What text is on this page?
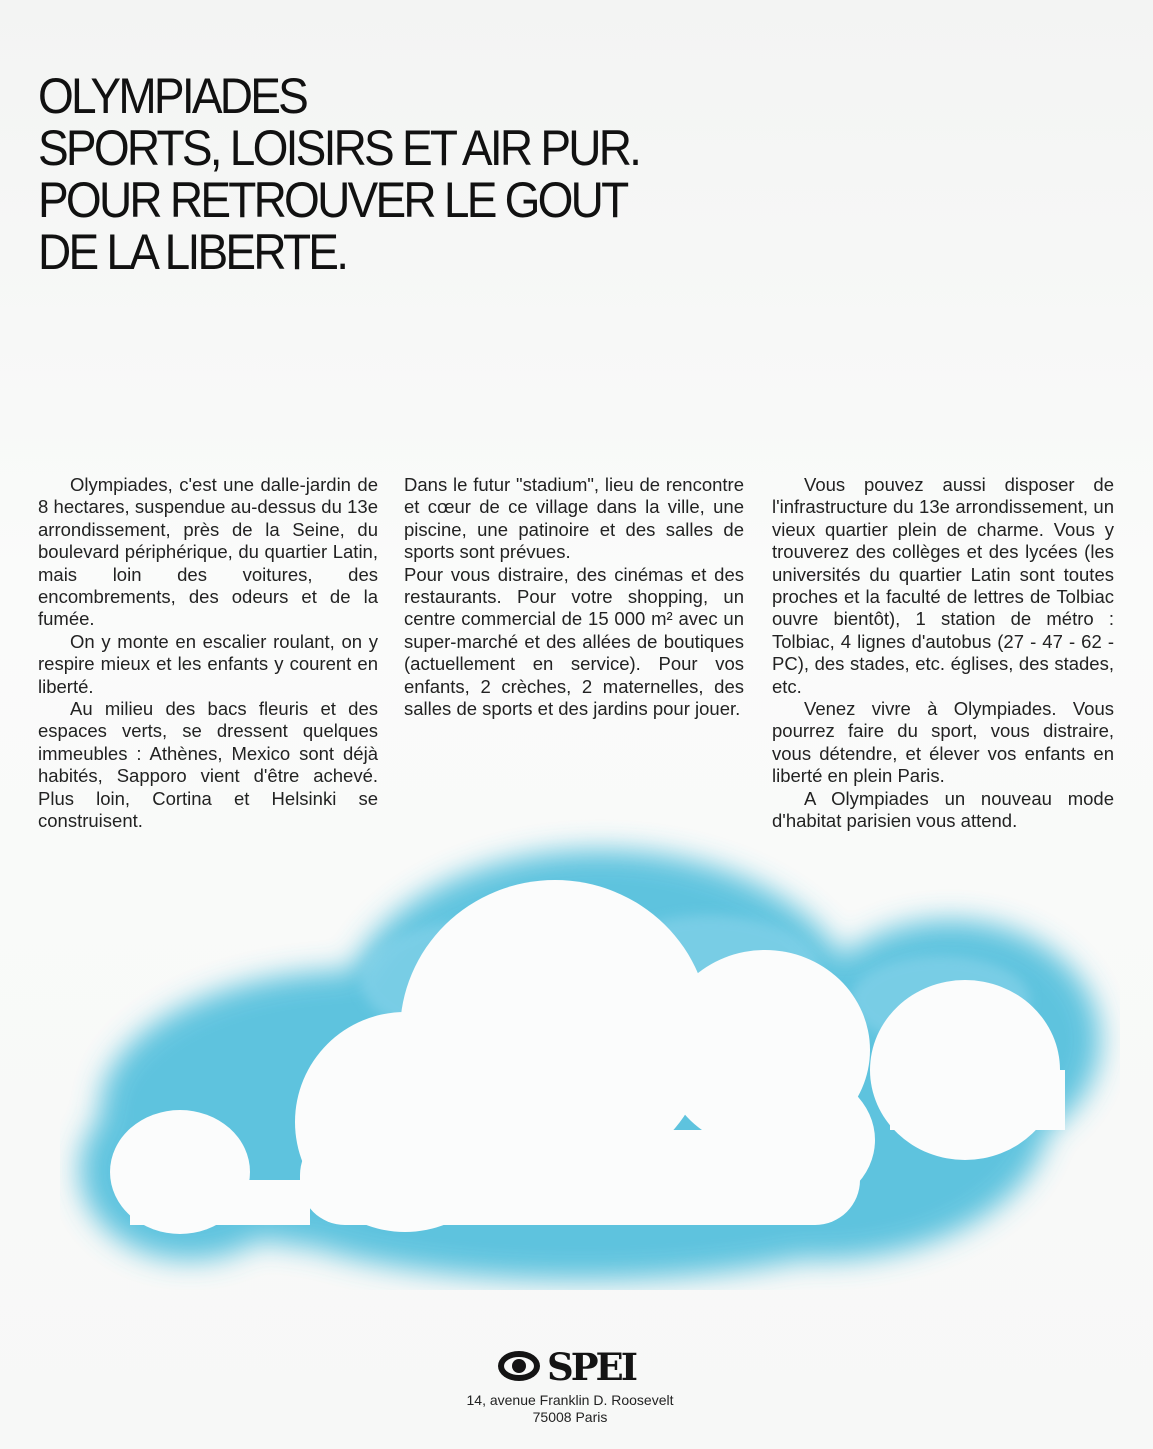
OLYMPIADES
SPORTS, LOISIRS ET AIR PUR.
POUR RETROUVER LE GOUT
DE LA LIBERTE.

Olympiades, c'est une dalle-jardin de 8 hectares, suspendue au-dessus du 13e arrondissement, près de la Seine, du boulevard périphérique, du quartier Latin, mais loin des voitures, des encombrements, des odeurs et de la fumée.

On y monte en escalier roulant, on y respire mieux et les enfants y courent en liberté.

Au milieu des bacs fleuris et des espaces verts, se dressent quelques immeubles : Athènes, Mexico sont déjà habités, Sapporo vient d'être achevé. Plus loin, Cortina et Helsinki se construisent.

Dans le futur "stadium", lieu de rencontre et cœur de ce village dans la ville, une piscine, une patinoire et des salles de sports sont prévues.

Pour vous distraire, des cinémas et des restaurants. Pour votre shopping, un centre commercial de 15 000 m² avec un super-marché et des allées de boutiques (actuellement en service). Pour vos enfants, 2 crèches, 2 maternelles, des salles de sports et des jardins pour jouer.

Vous pouvez aussi disposer de l'infrastructure du 13e arrondissement, un vieux quartier plein de charme. Vous y trouverez des collèges et des lycées (les universités du quartier Latin sont toutes proches et la faculté de lettres de Tolbiac ouvre bientôt), 1 station de métro : Tolbiac, 4 lignes d'autobus (27 - 47 - 62 - PC), des stades, etc. églises, des stades, etc.

Venez vivre à Olympiades. Vous pourrez faire du sport, vous distraire, vous détendre, et élever vos enfants en liberté en plein Paris.

A Olympiades un nouveau mode d'habitat parisien vous attend.

SPEI
14, avenue Franklin D. Roosevelt
75008 Paris
